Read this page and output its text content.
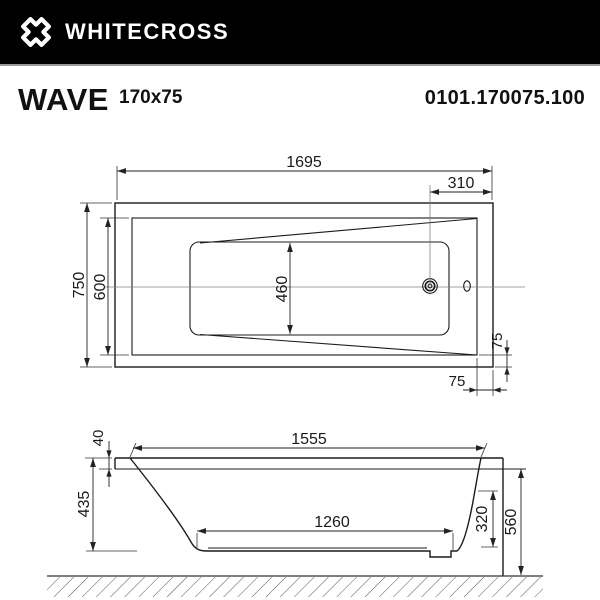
WHITECROSS
WAVE 170x75	0101.170075.100
1695
310
750 600	460
75
75
40	1555
435
1260	320 560
